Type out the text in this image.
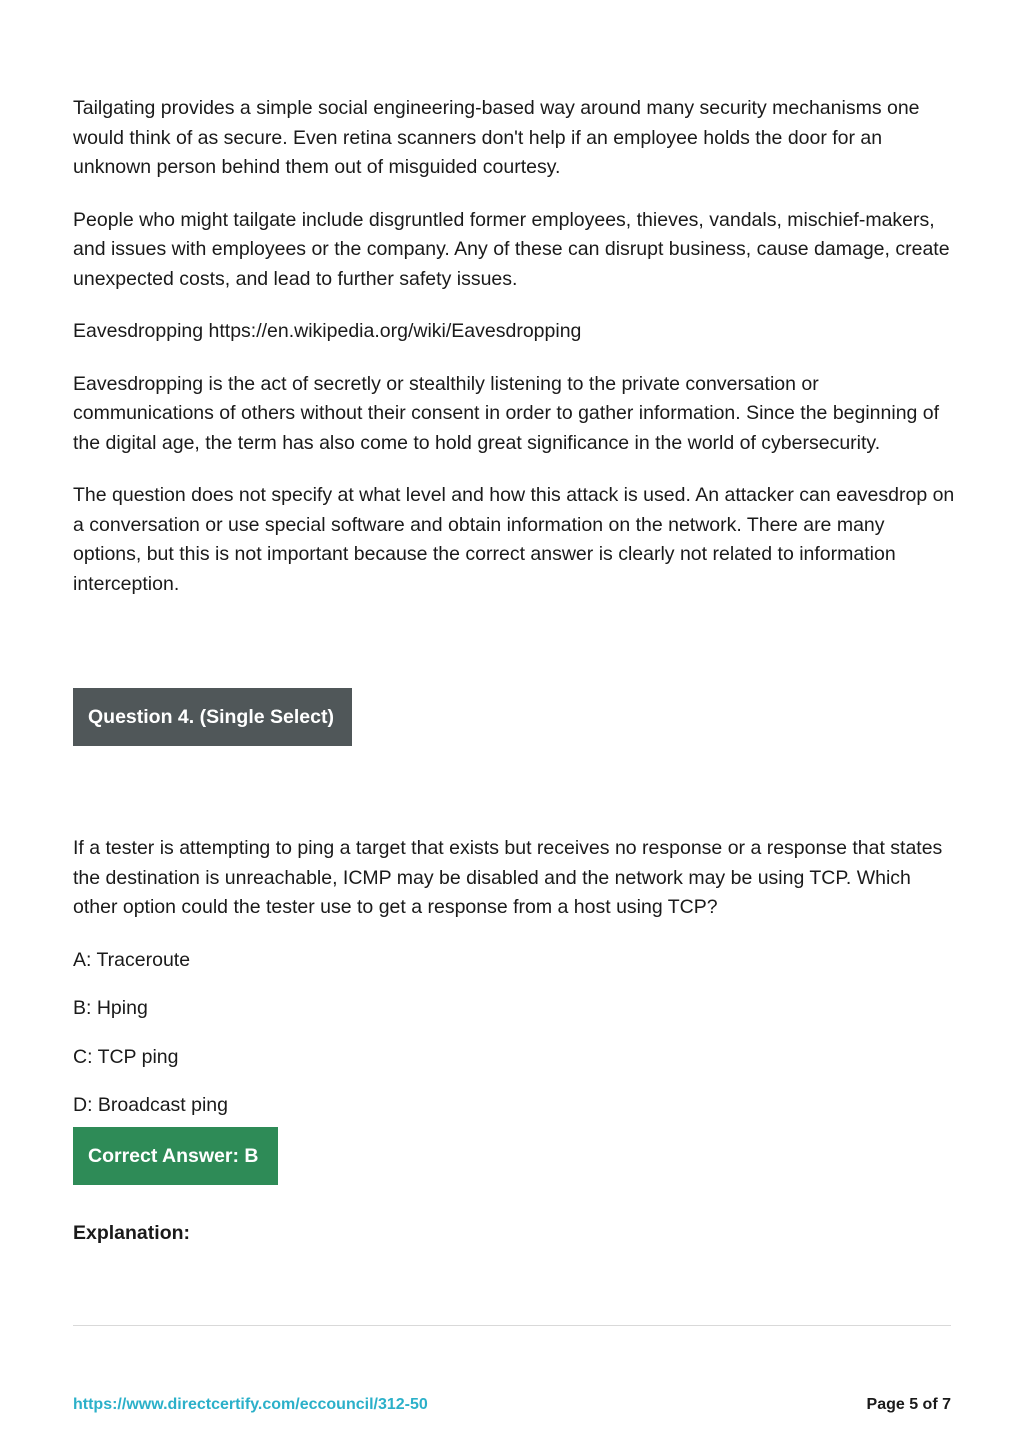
Tailgating provides a simple social engineering-based way around many security mechanisms one would think of as secure. Even retina scanners don't help if an employee holds the door for an unknown person behind them out of misguided courtesy.

People who might tailgate include disgruntled former employees, thieves, vandals, mischief-makers, and issues with employees or the company. Any of these can disrupt business, cause damage, create unexpected costs, and lead to further safety issues.

Eavesdropping https://en.wikipedia.org/wiki/Eavesdropping

Eavesdropping is the act of secretly or stealthily listening to the private conversation or communications of others without their consent in order to gather information. Since the beginning of the digital age, the term has also come to hold great significance in the world of cybersecurity.

The question does not specify at what level and how this attack is used. An attacker can eavesdrop on a conversation or use special software and obtain information on the network. There are many options, but this is not important because the correct answer is clearly not related to information interception.

Question 4. (Single Select)

If a tester is attempting to ping a target that exists but receives no response or a response that states the destination is unreachable, ICMP may be disabled and the network may be using TCP. Which other option could the tester use to get a response from a host using TCP?

A: Traceroute
B: Hping
C: TCP ping
D: Broadcast ping
Correct Answer: B
Explanation:
https://www.directcertify.com/eccouncil/312-50	Page 5 of 7
